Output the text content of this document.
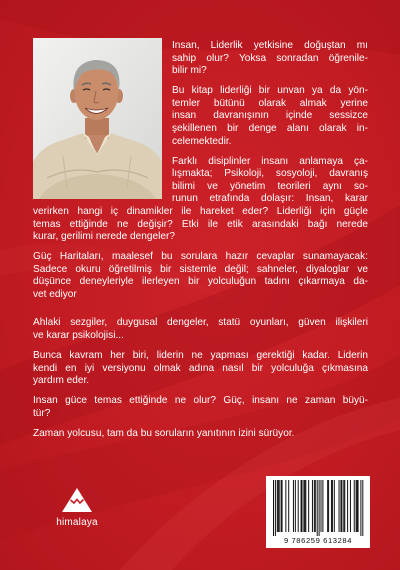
İnsan, Liderlik yetkisine doğuştan mı
sahip olur? Yoksa sonradan öğrenile-
bilir mi?
Bu kitap liderliği bir unvan ya da yön-
temler bütünü olarak almak yerine
insan davranışının içinde sessizce
şekillenen bir denge alanı olarak in-
celemektedir.
Farklı disiplinler insanı anlamaya ça-
lışmakta; Psikoloji, sosyoloji, davranış
bilimi ve yönetim teorileri aynı so-
runun etrafında dolaşır: İnsan, karar
verirken hangi iç dinamikler ile hareket eder? Liderliği için güçle
temas ettiğinde ne değişir? Etki ile etik arasındaki bağı nerede
kurar, gerilimi nerede dengeler?
Güç Haritaları, maalesef bu sorulara hazır cevaplar sunamayacak:
Sadece okuru öğretilmiş bir sistemle değil; sahneler, diyaloglar ve
düşünce deneyleriyle ilerleyen bir yolculuğun tadını çıkarmaya da-
vet ediyor
Ahlaki sezgiler, duygusal dengeler, statü oyunları, güven ilişkileri
ve karar psikolojisi...
Bunca kavram her biri, liderin ne yapması gerektiği kadar. Liderin
kendi en iyi versiyonu olmak adına nasıl bir yolculuğa çıkmasına
yardım eder.
İnsan güce temas ettiğinde ne olur? Güç, insanı ne zaman büyü-
tür?
Zaman yolcusu, tam da bu soruların yanıtının izini sürüyor.
himalaya
9 786259 613284
